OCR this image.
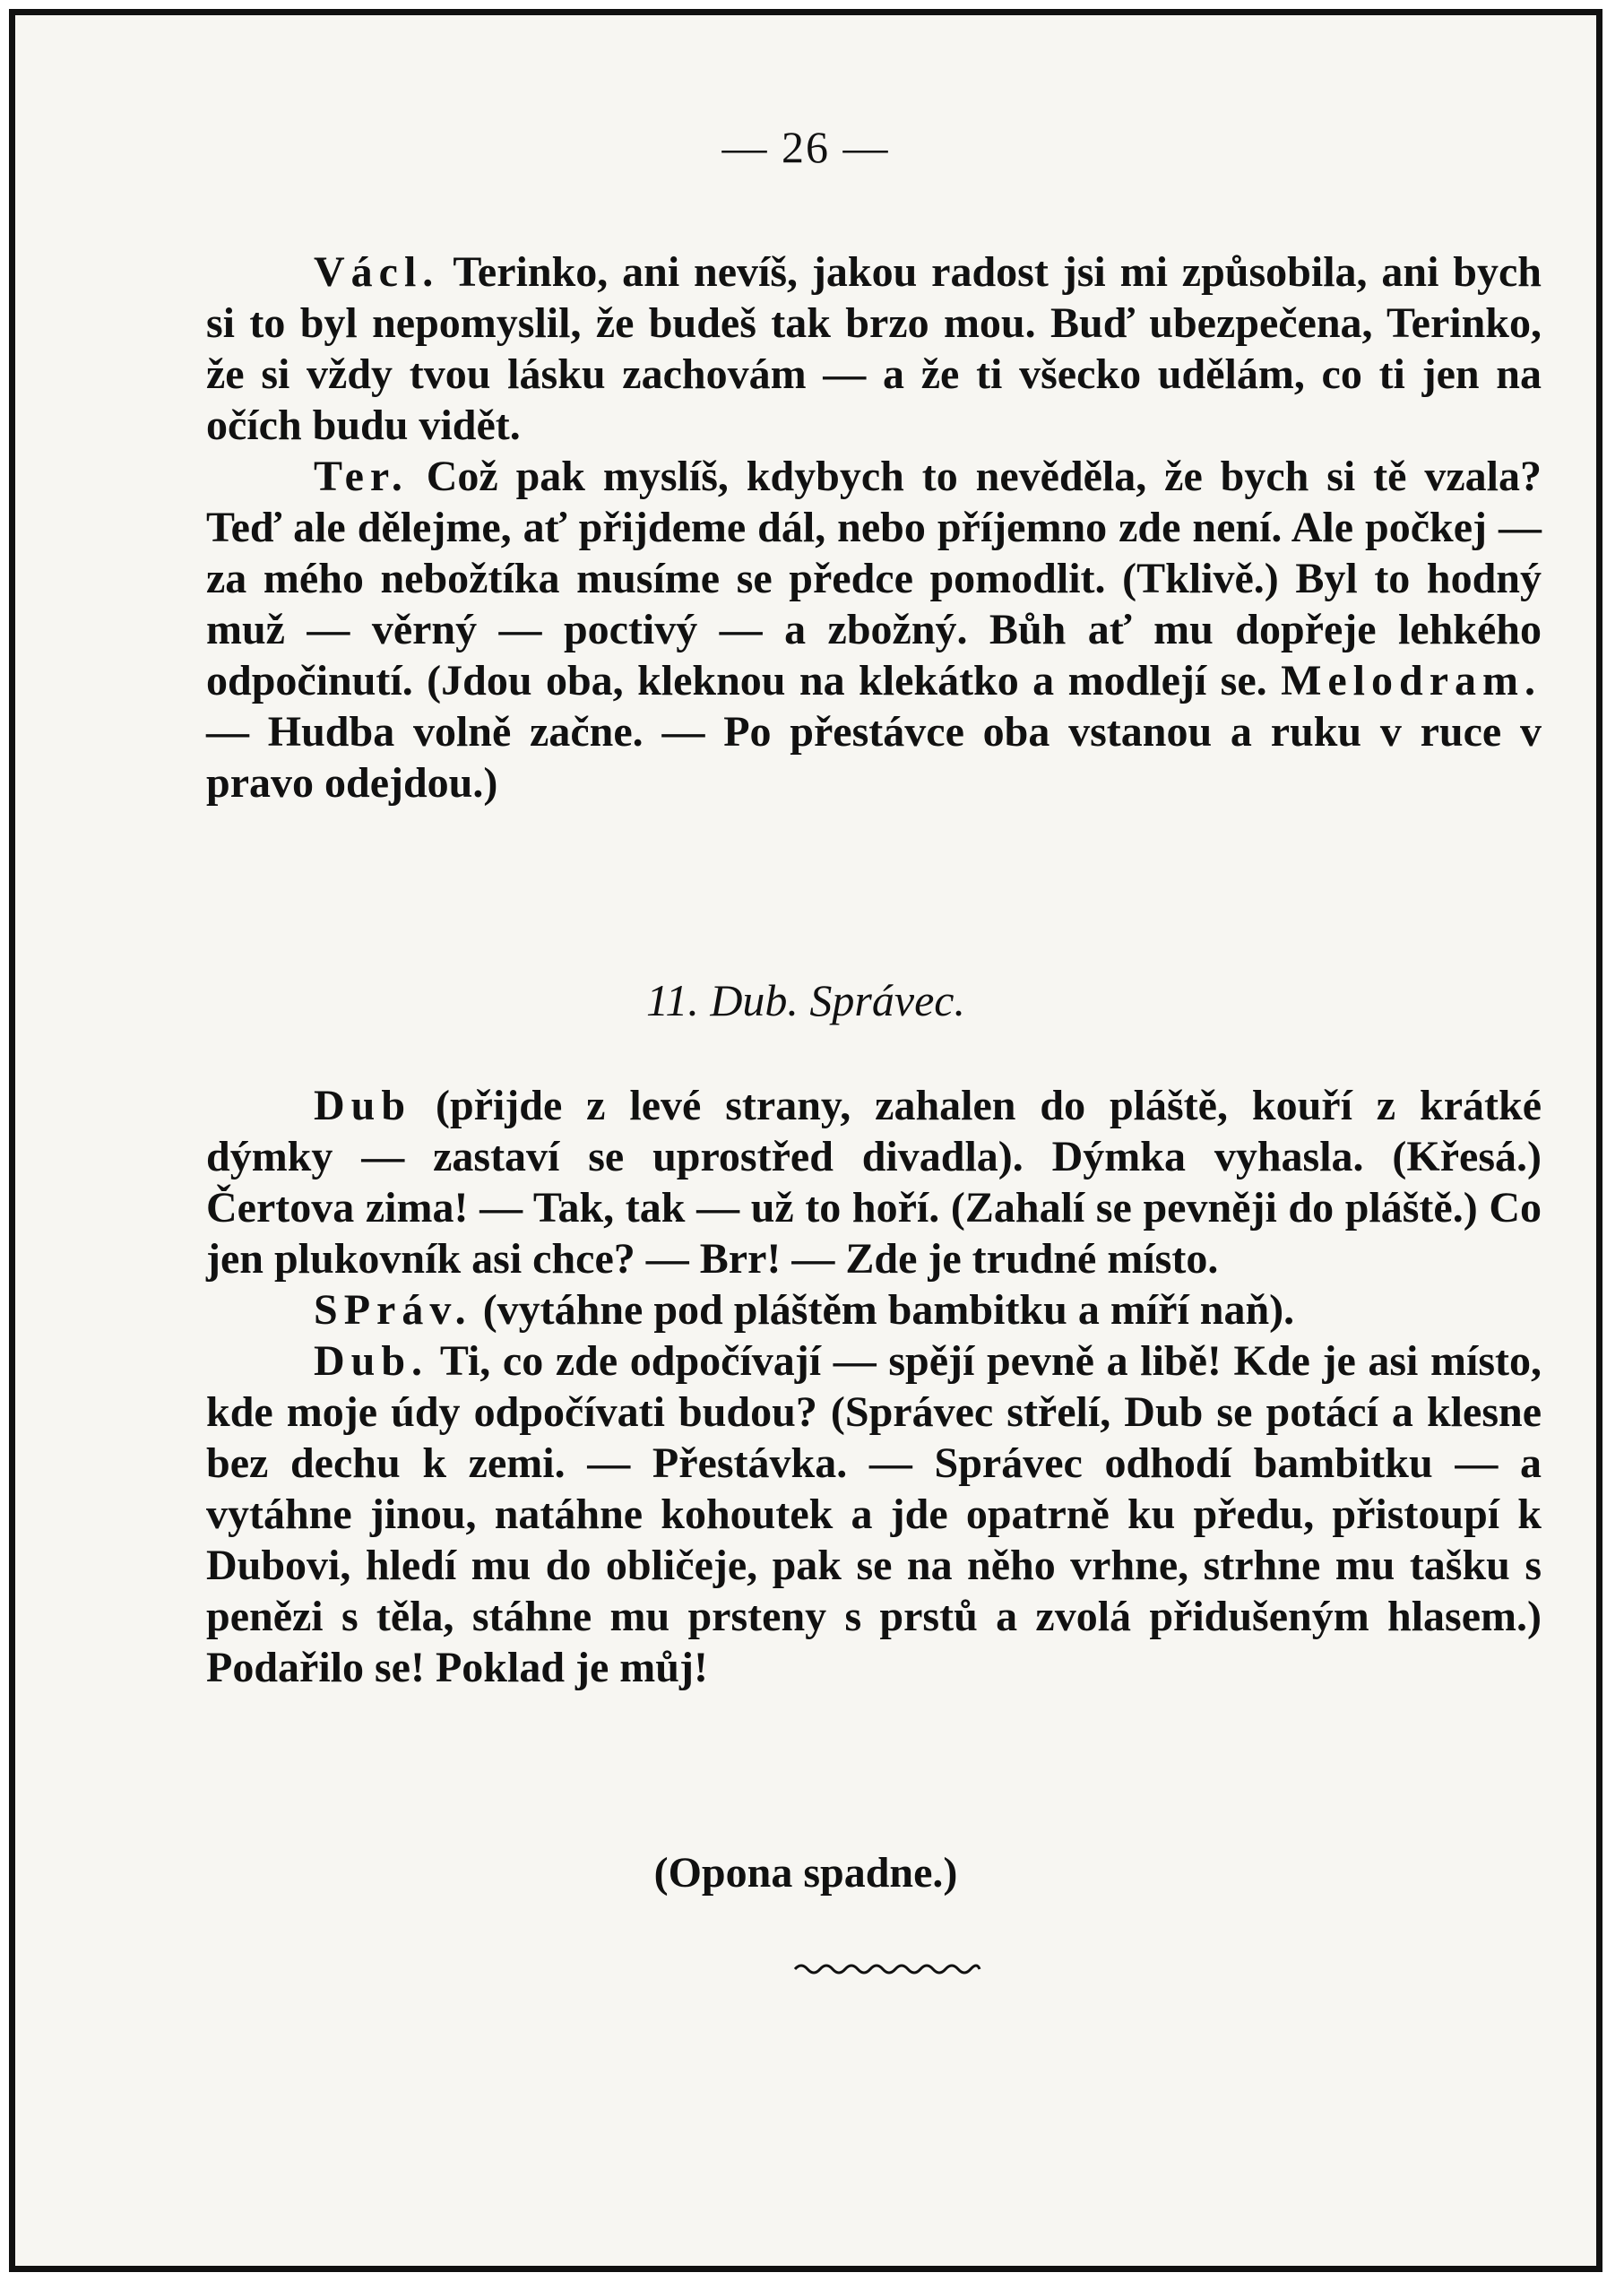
— 26 —

Václ. Terinko, ani nevíš, jakou radost jsi mi způsobila, ani bych si to byl nepomyslil, že budeš tak brzo mou. Buď ubezpečena, Terinko, že si vždy tvou lásku zachovám — a že ti všecko udělám, co ti jen na očích budu vidět.

Ter. Což pak myslíš, kdybych to nevěděla, že bych si tě vzala? Teď ale dělejme, ať přijdeme dál, nebo příjemno zde není. Ale počkej — za mého nebožtíka musíme se předce pomodlit. (Tklivě.) Byl to hodný muž — věrný — poctivý — a zbožný. Bůh ať mu dopřeje lehkého odpočinutí. (Jdou oba, kleknou na klekátko a modlejí se. Melodram. — Hudba volně začne. — Po přestávce oba vstanou a ruku v ruce v pravo odejdou.)

11. Dub. Správec.

Dub (přijde z levé strany, zahalen do pláště, kouří z krátké dýmky — zastaví se uprostřed divadla). Dýmka vyhasla. (Křesá.) Čertova zima! — Tak, tak — už to hoří. (Zahalí se pevněji do pláště.) Co jen plukovník asi chce? — Brr! — Zde je trudné místo.

SPráv. (vytáhne pod pláštěm bambitku a míří naň).

Dub. Ti, co zde odpočívají — spějí pevně a libě! Kde je asi místo, kde moje údy odpočívati budou? (Správec střelí, Dub se potácí a klesne bez dechu k zemi. — Přestávka. — Správec odhodí bambitku — a vytáhne jinou, natáhne kohoutek a jde opatrně ku předu, přistoupí k Dubovi, hledí mu do obličeje, pak se na něho vrhne, strhne mu tašku s penězi s těla, stáhne mu prsteny s prstů a zvolá přidušeným hlasem.) Podařilo se! Poklad je můj!

(Opona spadne.)
